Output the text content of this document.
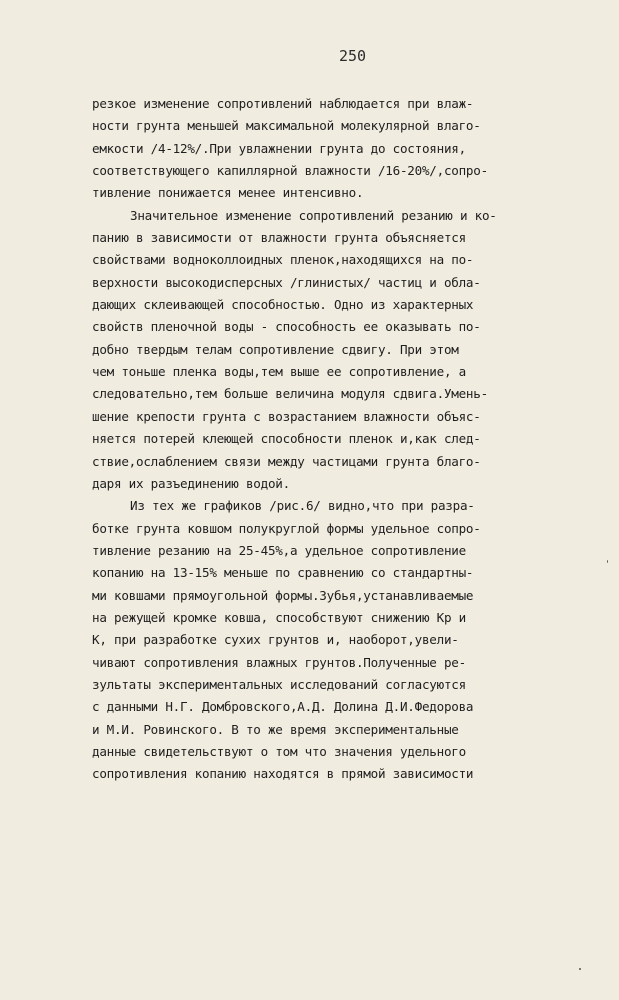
250
резкое изменение сопротивлений наблюдается при влаж-
ности грунта меньшей максимальной молекулярной влаго-
емкости /4-12%/.При увлажнении грунта до состояния,
соответствующего капиллярной влажности /16-20%/,сопро-
тивление понижается менее интенсивно.
Значительное изменение сопротивлений резанию и ко-
панию в зависимости от влажности грунта объясняется
свойствами водноколлоидных пленок,находящихся на по-
верхности высокодисперсных /глинистых/ частиц и обла-
дающих склеивающей способностью. Одно из характерных
свойств пленочной воды - способность ее оказывать по-
добно твердым телам сопротивление сдвигу. При этом
чем тоньше пленка воды,тем выше ее сопротивление, а
следовательно,тем больше величина модуля сдвига.Умень-
шение крепости грунта с возрастанием влажности объяс-
няется потерей клеющей способности пленок и,как след-
ствие,ослаблением связи между частицами грунта благо-
даря их разъединению водой.
Из тех же графиков /рис.6/ видно,что при разра-
ботке грунта ковшом полукруглой формы удельное сопро-
тивление резанию на 25-45%,а удельное сопротивление
копанию на 13-15% меньше по сравнению со стандартны-
ми ковшами прямоугольной формы.Зубья,устанавливаемые
на режущей кромке ковша, способствуют снижению Kр и
K, при разработке сухих грунтов и, наоборот,увели-
чивают сопротивления влажных грунтов.Полученные ре-
зультаты экспериментальных исследований согласуются
с данными Н.Г. Домбровского,А.Д. Долина Д.И.Федорова
и М.И. Ровинского. В то же время экспериментальные
данные свидетельствуют о том что значения удельного
сопротивления копанию находятся в прямой зависимости
